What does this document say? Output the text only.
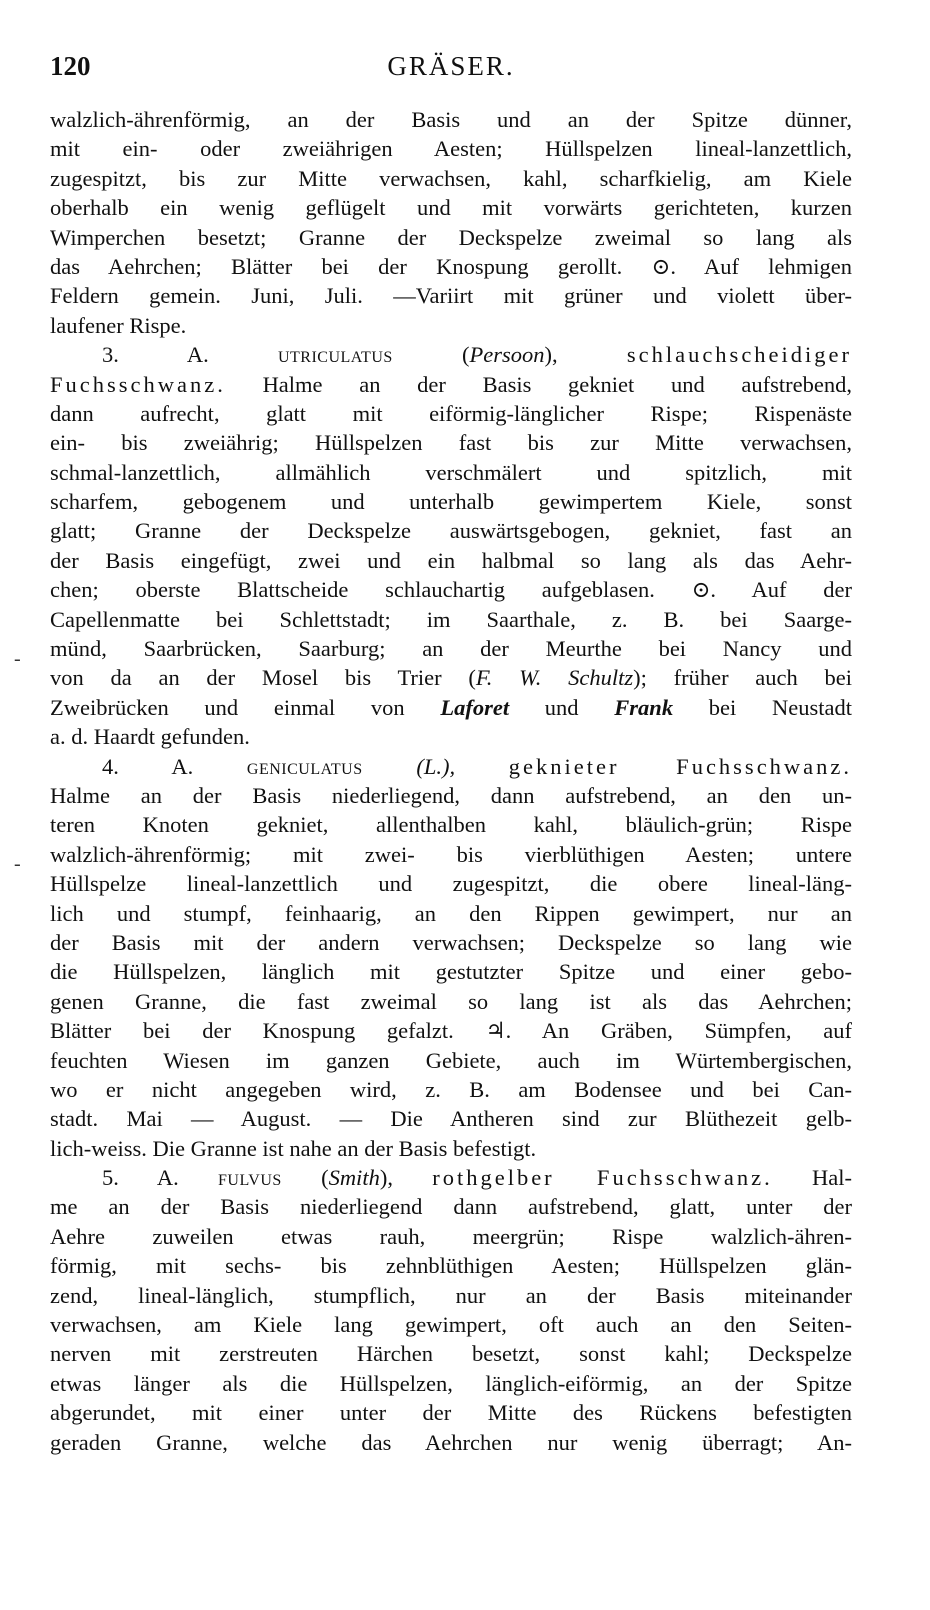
120	GRÄSER.
-
-
walzlich-ährenförmig, an der Basis und an der Spitze dünner,
mit ein- oder zweiährigen Aesten; Hüllspelzen lineal-lanzettlich,
zugespitzt, bis zur Mitte verwachsen, kahl, scharfkielig, am Kiele
oberhalb ein wenig geflügelt und mit vorwärts gerichteten, kurzen
Wimperchen besetzt; Granne der Deckspelze zweimal so lang als
das Aehrchen; Blätter bei der Knospung gerollt. ⊙. Auf lehmigen
Feldern gemein. Juni, Juli. —Variirt mit grüner und violett über-
laufener Rispe.
3. A.	utriculatus	(Persoon),	schlauchscheidiger
Fuchsschwanz. Halme an der Basis gekniet und aufstrebend,
dann aufrecht, glatt mit eiförmig-länglicher Rispe; Rispenäste
ein- bis zweiährig; Hüllspelzen fast bis zur Mitte verwachsen,
schmal-lanzettlich, allmählich verschmälert und spitzlich, mit
scharfem, gebogenem und unterhalb gewimpertem Kiele, sonst
glatt; Granne der Deckspelze auswärtsgebogen, gekniet, fast an
der Basis eingefügt, zwei und ein halbmal so lang als das Aehr-
chen; oberste Blattscheide schlauchartig aufgeblasen. ⊙. Auf der
Capellenmatte bei Schlettstadt; im Saarthale, z. B. bei Saarge-
münd, Saarbrücken, Saarburg; an der Meurthe bei Nancy und
von da an der Mosel bis Trier (F. W. Schultz); früher auch bei
Zweibrücken und einmal von Laforet und Frank bei Neustadt
a. d. Haardt gefunden.
4. A. geniculatus (L.), geknieter Fuchsschwanz.
Halme an der Basis niederliegend, dann aufstrebend, an den un-
teren Knoten gekniet, allenthalben kahl, bläulich-grün; Rispe
walzlich-ährenförmig; mit zwei- bis vierblüthigen Aesten; untere
Hüllspelze lineal-lanzettlich und zugespitzt, die obere lineal-läng-
lich und stumpf, feinhaarig, an den Rippen gewimpert, nur an
der Basis mit der andern verwachsen; Deckspelze so lang wie
die Hüllspelzen, länglich mit gestutzter Spitze und einer gebo-
genen Granne, die fast zweimal so lang ist als das Aehrchen;
Blätter bei der Knospung gefalzt. ♃. An Gräben, Sümpfen, auf
feuchten Wiesen im ganzen Gebiete, auch im Würtembergischen,
wo er nicht angegeben wird, z. B. am Bodensee und bei Can-
stadt. Mai — August. — Die Antheren sind zur Blüthezeit gelb-
lich-weiss. Die Granne ist nahe an der Basis befestigt.
5. A. fulvus (Smith), rothgelber Fuchsschwanz. Hal-
me an der Basis niederliegend dann aufstrebend, glatt, unter der
Aehre zuweilen etwas rauh, meergrün; Rispe walzlich-ähren-
förmig, mit sechs- bis zehnblüthigen Aesten; Hüllspelzen glän-
zend, lineal-länglich, stumpflich, nur an der Basis miteinander
verwachsen, am Kiele lang gewimpert, oft auch an den Seiten-
nerven mit zerstreuten Härchen besetzt, sonst kahl; Deckspelze
etwas länger als die Hüllspelzen, länglich-eiförmig, an der Spitze
abgerundet, mit einer unter der Mitte des Rückens befestigten
geraden Granne, welche das Aehrchen nur wenig überragt; An-
